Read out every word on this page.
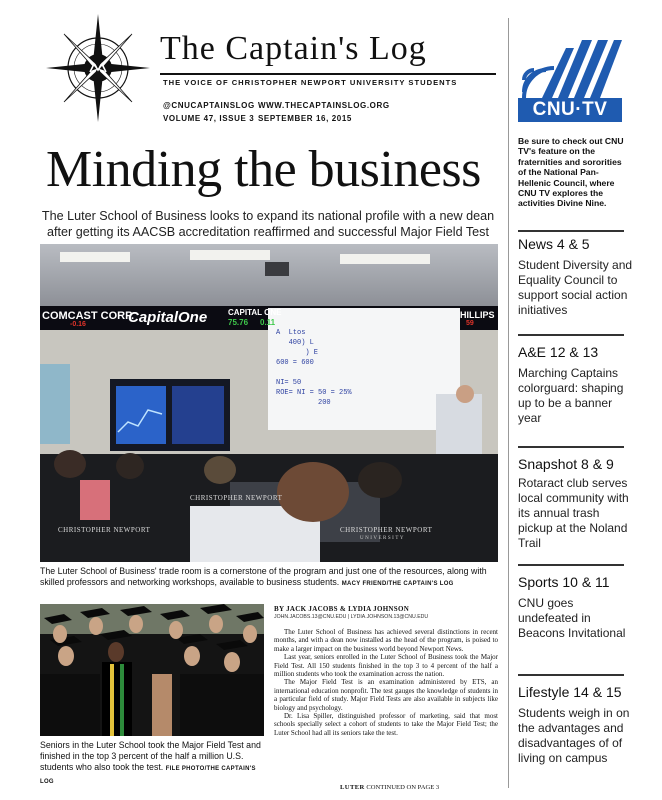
The Captain's Log
THE VOICE OF CHRISTOPHER NEWPORT UNIVERSITY STUDENTS
@CNUCAPTAINSLOG WWW.THECAPTAINSLOG.ORG
VOLUME 47, ISSUE 3 SEPTEMBER 16, 2015
Minding the business
The Luter School of Business looks to expand its national profile with a new dean after getting its AACSB accreditation reaffirmed and successful Major Field Test
COMCAST CORP.
-0.16	CapitalOne	CAPITAL ONE
75.76 0.11
HILLIPS
59
A  Ltos
400) L
) E
600 = 600

NI= 50
ROE= NI = 50 = 25%
200
CHRISTOPHER NEWPORT
CHRISTOPHER NEWPORT
CHRISTOPHER NEWPORT
UNIVERSITY
The Luter School of Business' trade room is a cornerstone of the program and just one of the resources, along with skilled professors and networking workshops, available to business students. MACY FRIEND/THE CAPTAIN'S LOG
Seniors in the Luter School took the Major Field Test and finished in the top 3 percent of the half a million U.S. students who also took the test. FILE PHOTO/THE CAPTAIN'S LOG
BY JACK JACOBS & LYDIA JOHNSON
JOHN.JACOBS.13@CNU.EDU | LYDIA.JOHNSON.13@CNU.EDU

The Luter School of Business has achieved several distinctions in recent months, and with a dean now installed as the head of the program, is poised to make a larger impact on the business world beyond Newport News.

Last year, seniors enrolled in the Luter School of Business took the Major Field Test. All 150 students finished in the top 3 to 4 percent of the half a million students who took the examination across the nation.

The Major Field Test is an examination administered by ETS, an international education nonprofit. The test gauges the knowledge of students in a particular field of study. Major Field Tests are also available in subjects like biology and psychology.

Dr. Lisa Spiller, distinguished professor of marketing, said that most schools specially select a cohort of students to take the Major Field Test; the Luter School had all its seniors take the test.

LUTER CONTINUED ON PAGE 3
CNU·TV
Be sure to check out CNU TV's feature on the fraternities and sororities of the National Pan-Hellenic Council, where CNU TV explores the activities Divine Nine.
News 4 & 5
Student Diversity and Equality Council to support social action initiatives
A&E 12 & 13
Marching Captains colorguard: shaping up to be a banner year
Snapshot 8 & 9
Rotaract club serves local community with its annual trash pickup at the Noland Trail
Sports 10 & 11
CNU goes undefeated in Beacons Invitational
Lifestyle 14 & 15
Students weigh in on the advantages and disadvantages of of living on campus
